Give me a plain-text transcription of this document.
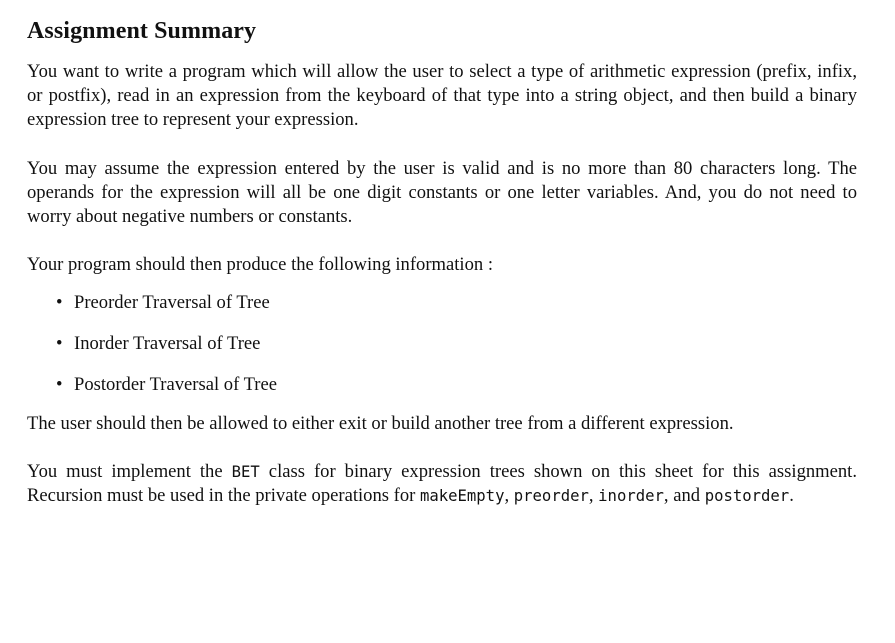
Assignment Summary

You want to write a program which will allow the user to select a type of arithmetic expression (prefix, infix, or postfix), read in an expression from the keyboard of that type into a string object, and then build a binary expression tree to represent your expression.

You may assume the expression entered by the user is valid and is no more than 80 characters long. The operands for the expression will all be one digit constants or one letter variables. And, you do not need to worry about negative numbers or constants.

Your program should then produce the following information :

• Preorder Traversal of Tree
• Inorder Traversal of Tree
• Postorder Traversal of Tree

The user should then be allowed to either exit or build another tree from a different expression.

You must implement the BET class for binary expression trees shown on this sheet for this assignment. Recursion must be used in the private operations for makeEmpty, preorder, inorder, and postorder.
